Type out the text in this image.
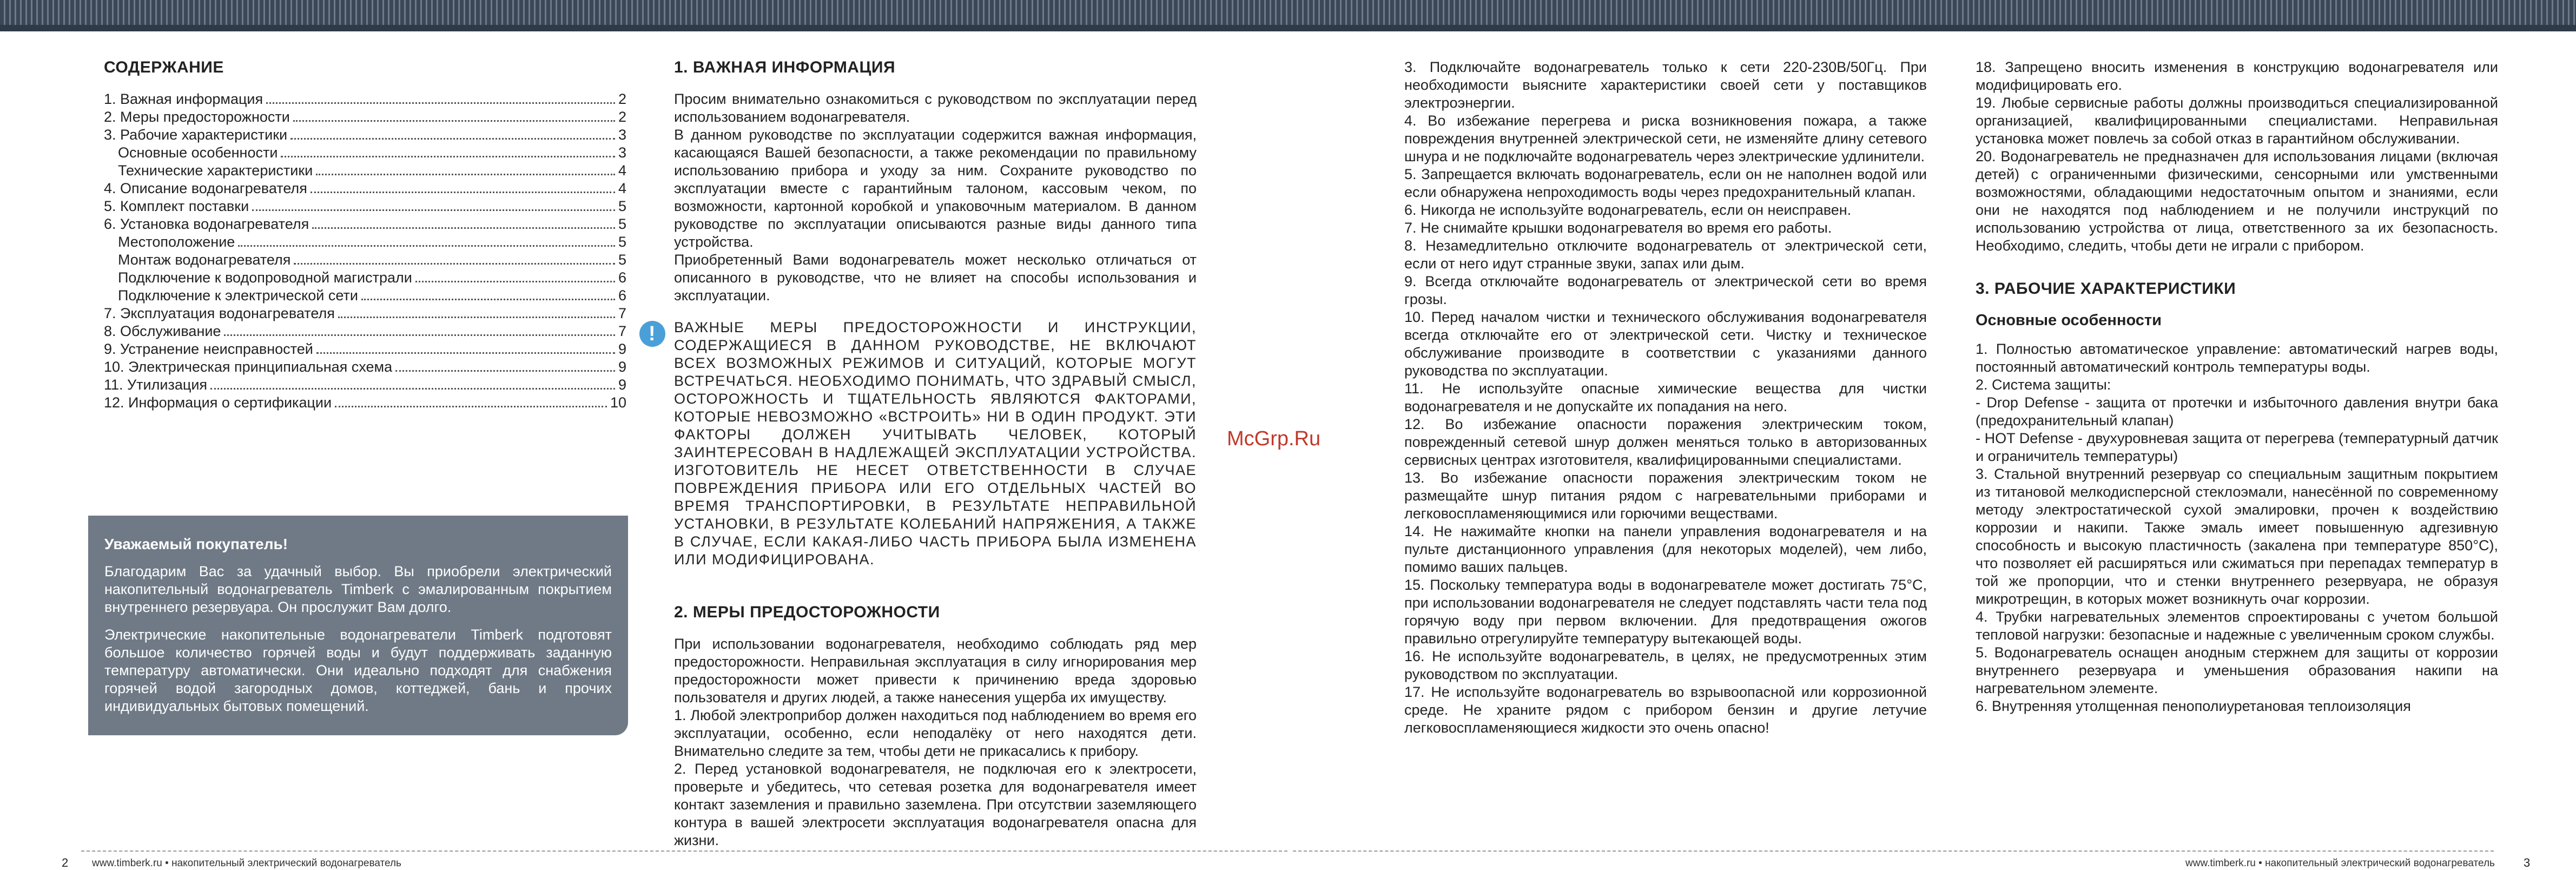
СОДЕРЖАНИЕ
1. Важная информация	2
2. Меры предосторожности	2
3. Рабочие характеристики	3
Основные особенности	3
Технические характеристики	4
4. Описание водонагревателя	4
5. Комплект поставки	5
6. Установка водонагревателя	5
Местоположение	5
Монтаж водонагревателя	5
Подключение к водопроводной магистрали	6
Подключение к электрической сети	6
7. Эксплуатация водонагревателя	7
8. Обслуживание	7
9. Устранение неисправностей	9
10. Электрическая принципиальная схема	9
11. Утилизация	9
12. Информация о сертификации	10
Уважаемый покупатель!

Благодарим Вас за удачный выбор. Вы приобрели электрический накопительный водонагреватель Timberk с эмалированным покрытием внутреннего резервуара. Он прослужит Вам долго.

Электрические накопительные водонагреватели Timberk подготовят большое количество горячей воды и будут поддерживать заданную температуру автоматически. Они идеально подходят для снабжения горячей водой загородных домов, коттеджей, бань и прочих индивидуальных бытовых помещений.

1. ВАЖНАЯ ИНФОРМАЦИЯ

Просим внимательно ознакомиться с руководством по эксплуатации перед использованием водонагревателя.

В данном руководстве по эксплуатации содержится важная информация, касающаяся Вашей безопасности, а также рекомендации по правильному использованию прибора и уходу за ним. Сохраните руководство по эксплуатации вместе с гарантийным талоном, кассовым чеком, по возможности, картонной коробкой и упаковочным материалом. В данном руководстве по эксплуатации описываются разные виды данного типа устройства.

Приобретенный Вами водонагреватель может несколько отличаться от описанного в руководстве, что не влияет на способы использования и эксплуатации.

!	ВАЖНЫЕ МЕРЫ ПРЕДОСТОРОЖНОСТИ И ИНСТРУКЦИИ, СОДЕРЖАЩИЕСЯ В ДАННОМ РУКОВОДСТВЕ, НЕ ВКЛЮЧАЮТ ВСЕХ ВОЗМОЖНЫХ РЕЖИМОВ И СИТУАЦИЙ, КОТОРЫЕ МОГУТ ВСТРЕЧАТЬСЯ. НЕОБХОДИМО ПОНИМАТЬ, ЧТО ЗДРАВЫЙ СМЫСЛ, ОСТОРОЖНОСТЬ И ТЩАТЕЛЬНОСТЬ ЯВЛЯЮТСЯ ФАКТОРАМИ, КОТОРЫЕ НЕВОЗМОЖНО «ВСТРОИТЬ» НИ В ОДИН ПРОДУКТ. ЭТИ ФАКТОРЫ ДОЛЖЕН УЧИТЫВАТЬ ЧЕЛОВЕК, КОТОРЫЙ ЗАИНТЕРЕСОВАН В НАДЛЕЖАЩЕЙ ЭКСПЛУАТАЦИИ УСТРОЙСТВА. ИЗГОТОВИТЕЛЬ НЕ НЕСЕТ ОТВЕТСТВЕННОСТИ В СЛУЧАЕ ПОВРЕЖДЕНИЯ ПРИБОРА ИЛИ ЕГО ОТДЕЛЬНЫХ ЧАСТЕЙ ВО ВРЕМЯ ТРАНСПОРТИРОВКИ, В РЕЗУЛЬТАТЕ НЕПРАВИЛЬНОЙ УСТАНОВКИ, В РЕЗУЛЬТАТЕ КОЛЕБАНИЙ НАПРЯЖЕНИЯ, А ТАКЖЕ В СЛУЧАЕ, ЕСЛИ КАКАЯ-ЛИБО ЧАСТЬ ПРИБОРА БЫЛА ИЗМЕНЕНА ИЛИ МОДИФИЦИРОВАНА.

2. МЕРЫ ПРЕДОСТОРОЖНОСТИ

При использовании водонагревателя, необходимо соблюдать ряд мер предосторожности. Неправильная эксплуатация в силу игнорирования мер предосторожности может привести к причинению вреда здоровью пользователя и других людей, а также нанесения ущерба их имуществу.

1. Любой электроприбор должен находиться под наблюдением во время его эксплуатации, особенно, если неподалёку от него находятся дети. Внимательно следите за тем, чтобы дети не прикасались к прибору.

2. Перед установкой водонагревателя, не подключая его к электросети, проверьте и убедитесь, что сетевая розетка для водонагревателя имеет контакт заземления и правильно заземлена. При отсутствии заземляющего контура в вашей электросети эксплуатация водонагревателя опасна для жизни.

McGrp.Ru

3. Подключайте водонагреватель только к сети 220-230В/50Гц. При необходимости выясните характеристики своей сети у поставщиков электроэнергии.

4. Во избежание перегрева и риска возникновения пожара, а также повреждения внутренней электрической сети, не изменяйте длину сетевого шнура и не подключайте водонагреватель через электрические удлинители.

5. Запрещается включать водонагреватель, если он не наполнен водой или если обнаружена непроходимость воды через предохранительный клапан.

6. Никогда не используйте водонагреватель, если он неисправен.

7. Не снимайте крышки водонагревателя во время его работы.

8. Незамедлительно отключите водонагреватель от электрической сети, если от него идут странные звуки, запах или дым.

9. Всегда отключайте водонагреватель от электрической сети во время грозы.

10. Перед началом чистки и технического обслуживания водонагревателя всегда отключайте его от электрической сети. Чистку и техническое обслуживание производите в соответствии с указаниями данного руководства по эксплуатации.

11. Не используйте опасные химические вещества для чистки водонагревателя и не допускайте их попадания на него.

12. Во избежание опасности поражения электрическим током, поврежденный сетевой шнур должен меняться только в авторизованных сервисных центрах изготовителя, квалифицированными специалистами.

13. Во избежание опасности поражения электрическим током не размещайте шнур питания рядом с нагревательными приборами и легковоспламеняющимися или горючими веществами.

14. Не нажимайте кнопки на панели управления водонагревателя и на пульте дистанционного управления (для некоторых моделей), чем либо, помимо ваших пальцев.

15. Поскольку температура воды в водонагревателе может достигать 75°C, при использовании водонагревателя не следует подставлять части тела под горячую воду при первом включении. Для предотвращения ожогов правильно отрегулируйте температуру вытекающей воды.

16. Не используйте водонагреватель, в целях, не предусмотренных этим руководством по эксплуатации.

17. Не используйте водонагреватель во взрывоопасной или коррозионной среде. Не храните рядом с прибором бензин и другие летучие легковоспламеняющиеся жидкости это очень опасно!

18. Запрещено вносить изменения в конструкцию водонагревателя или модифицировать его.

19. Любые сервисные работы должны производиться специализированной организацией, квалифицированными специалистами. Неправильная установка может повлечь за собой отказ в гарантийном обслуживании.

20. Водонагреватель не предназначен для использования лицами (включая детей) с ограниченными физическими, сенсорными или умственными возможностями, обладающими недостаточным опытом и знаниями, если они не находятся под наблюдением и не получили инструкций по использованию устройства от лица, ответственного за их безопасность. Необходимо, следить, чтобы дети не играли с прибором.

3. РАБОЧИЕ ХАРАКТЕРИСТИКИ
Основные особенности

1. Полностью автоматическое управление: автоматический нагрев воды, постоянный автоматический контроль температуры воды.

2. Система защиты:

- Drop Defense - защита от протечки и избыточного давления внутри бака (предохранительный клапан)

- HOT Defense - двухуровневая защита от перегрева (температурный датчик и ограничитель температуры)

3. Стальной внутренний резервуар со специальным защитным покрытием из титановой мелкодисперсной стеклоэмали, нанесённой по современному методу электростатической сухой эмалировки, прочен к воздействию коррозии и накипи. Также эмаль имеет повышенную адгезивную способность и высокую пластичность (закалена при температуре 850°C), что позволяет ей расширяться или сжиматься при перепадах температур в той же пропорции, что и стенки внутреннего резервуара, не образуя микротрещин, в которых может возникнуть очаг коррозии.

4. Трубки нагревательных элементов спроектированы с учетом большой тепловой нагрузки: безопасные и надежные с увеличенным сроком службы.

5. Водонагреватель оснащен анодным стержнем для защиты от коррозии внутреннего резервуара и уменьшения образования накипи на нагревательном элементе.

6. Внутренняя утолщенная пенополиуретановая теплоизоляция

2 www.timberk.ru • накопительный электрический водонагреватель	www.timberk.ru • накопительный электрический водонагреватель 3
